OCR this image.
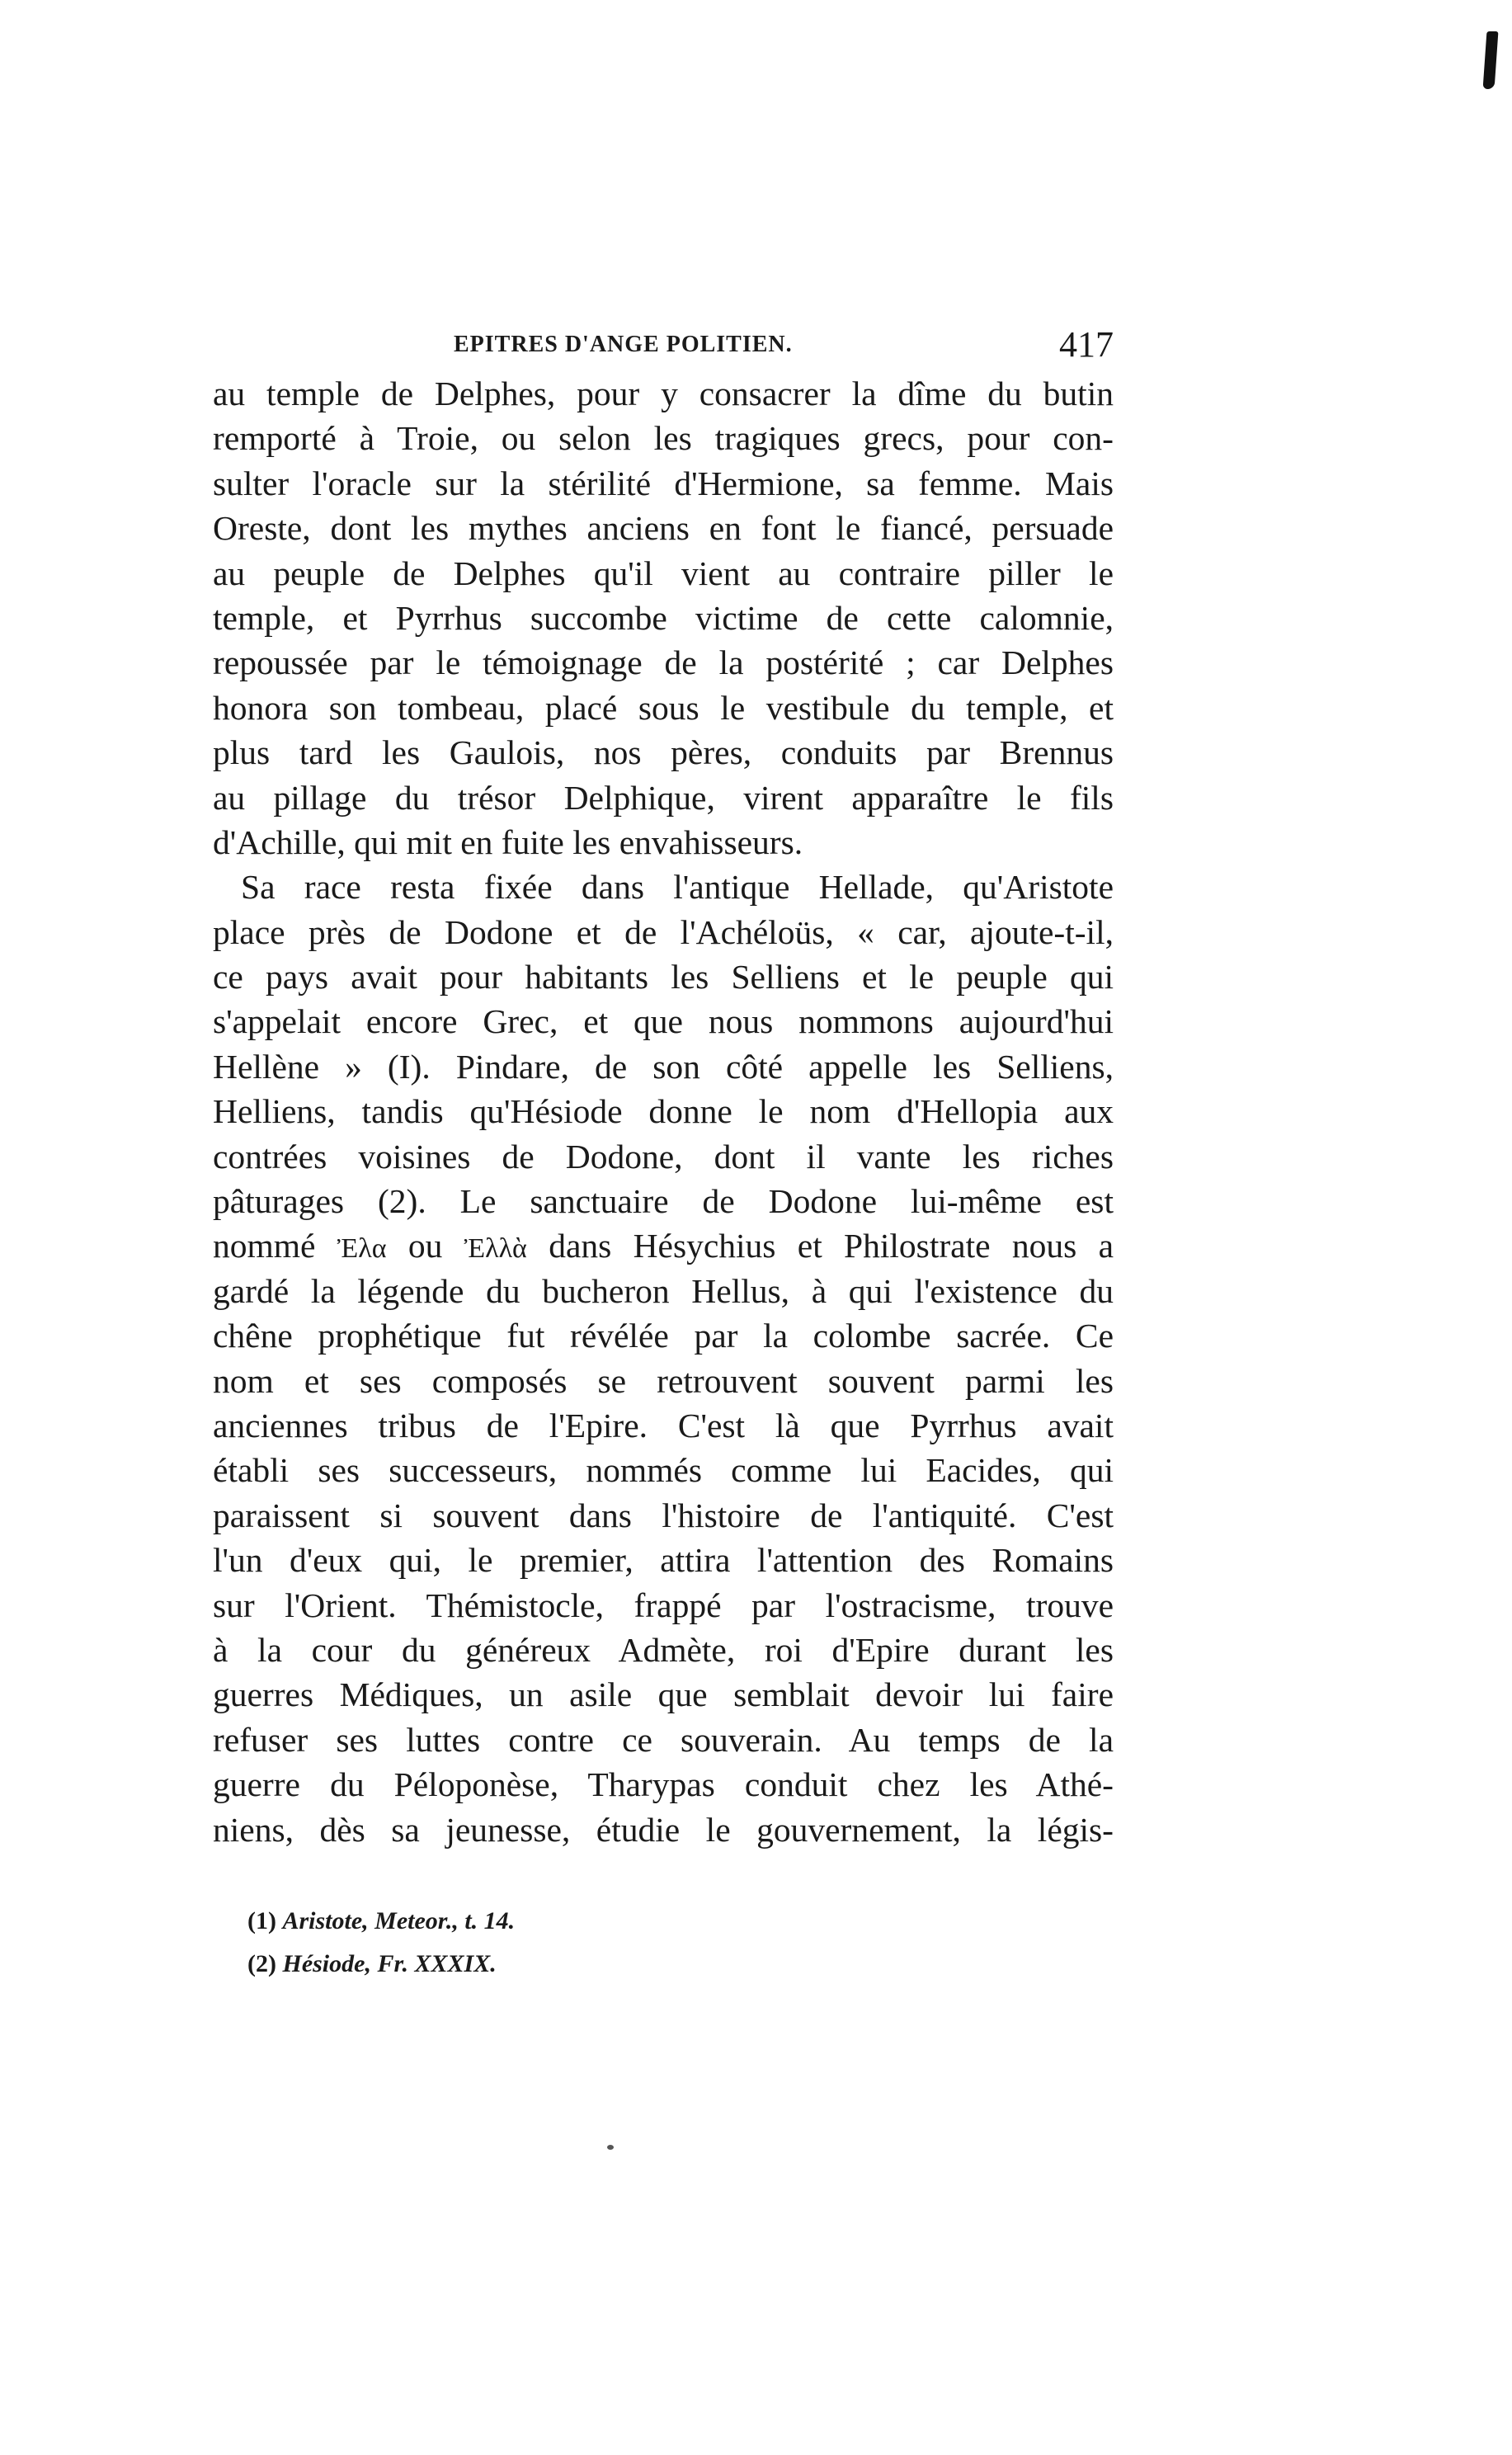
EPITRES D'ANGE POLITIEN.	417
au temple de Delphes, pour y consacrer la dîme du butin
remporté à Troie, ou selon les tragiques grecs, pour con-
sulter l'oracle sur la stérilité d'Hermione, sa femme. Mais
Oreste, dont les mythes anciens en font le fiancé, persuade
au peuple de Delphes qu'il vient au contraire piller le
temple, et Pyrrhus succombe victime de cette calomnie,
repoussée par le témoignage de la postérité ; car Delphes
honora son tombeau, placé sous le vestibule du temple, et
plus tard les Gaulois, nos pères, conduits par Brennus
au pillage du trésor Delphique, virent apparaître le fils
d'Achille, qui mit en fuite les envahisseurs.
Sa race resta fixée dans l'antique Hellade, qu'Aristote
place près de Dodone et de l'Achéloüs, « car, ajoute-t-il,
ce pays avait pour habitants les Selliens et le peuple qui
s'appelait encore Grec, et que nous nommons aujourd'hui
Hellène » (I). Pindare, de son côté appelle les Selliens,
Helliens, tandis qu'Hésiode donne le nom d'Hellopia aux
contrées voisines de Dodone, dont il vante les riches
pâturages (2). Le sanctuaire de Dodone lui-même est
nommé Ἐλα ou Ἐλλὰ dans Hésychius et Philostrate nous a
gardé la légende du bucheron Hellus, à qui l'existence du
chêne prophétique fut révélée par la colombe sacrée. Ce
nom et ses composés se retrouvent souvent parmi les
anciennes tribus de l'Epire. C'est là que Pyrrhus avait
établi ses successeurs, nommés comme lui Eacides, qui
paraissent si souvent dans l'histoire de l'antiquité. C'est
l'un d'eux qui, le premier, attira l'attention des Romains
sur l'Orient. Thémistocle, frappé par l'ostracisme, trouve
à la cour du généreux Admète, roi d'Epire durant les
guerres Médiques, un asile que semblait devoir lui faire
refuser ses luttes contre ce souverain. Au temps de la
guerre du Péloponèse, Tharypas conduit chez les Athé-
niens, dès sa jeunesse, étudie le gouvernement, la légis-
(1) Aristote, Meteor., t. 14.
(2) Hésiode, Fr. XXXIX.
